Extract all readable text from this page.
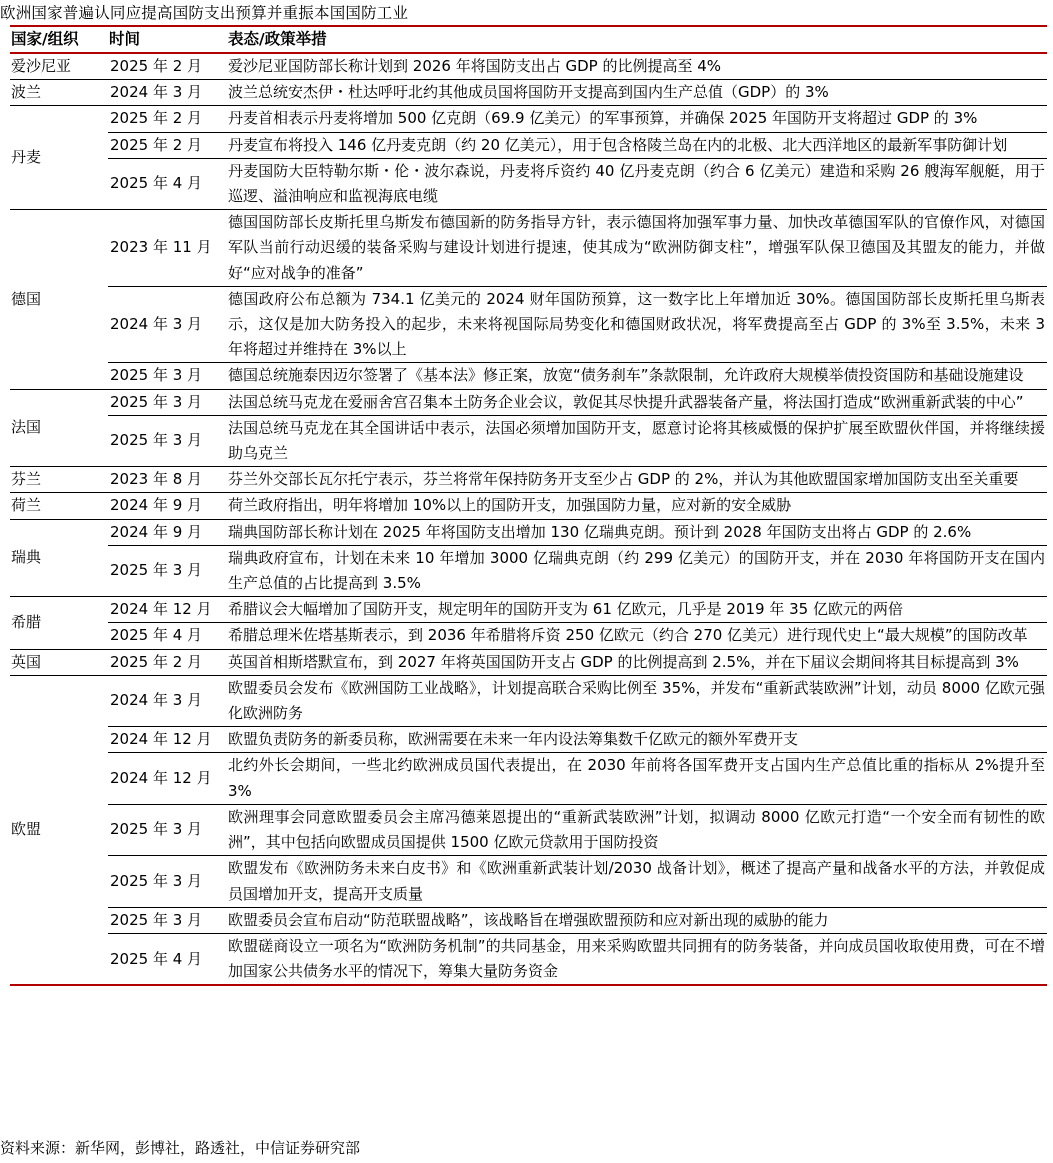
欧洲国家普遍认同应提高国防支出预算并重振本国国防工业
国家/组织	时间	表态/政策举措
爱沙尼亚	2025 年 2 月	爱沙尼亚国防部长称计划到 2026 年将国防支出占 GDP 的比例提高至 4%
波兰	2024 年 3 月	波兰总统安杰伊・杜达呼吁北约其他成员国将国防开支提高到国内生产总值（GDP）的 3%
丹麦	2025 年 2 月	丹麦首相表示丹麦将增加 500 亿克朗（69.9 亿美元）的军事预算，并确保 2025 年国防开支将超过 GDP 的 3%
	2025 年 2 月	丹麦宣布将投入 146 亿丹麦克朗（约 20 亿美元），用于包含格陵兰岛在内的北极、北大西洋地区的最新军事防御计划
	2025 年 4 月	丹麦国防大臣特勒尔斯・伦・波尔森说，丹麦将斥资约 40 亿丹麦克朗（约合 6 亿美元）建造和采购 26 艘海军舰艇，用于巡逻、溢油响应和监视海底电缆
德国	2023 年 11 月	德国国防部长皮斯托里乌斯发布德国新的防务指导方针，表示德国将加强军事力量、加快改革德国军队的官僚作风，对德国军队当前行动迟缓的装备采购与建设计划进行提速，使其成为“欧洲防御支柱”，增强军队保卫德国及其盟友的能力，并做好“应对战争的准备”
	2024 年 3 月	德国政府公布总额为 734.1 亿美元的 2024 财年国防预算，这一数字比上年增加近 30%。德国国防部长皮斯托里乌斯表示，这仅是加大防务投入的起步，未来将视国际局势变化和德国财政状况，将军费提高至占 GDP 的 3%至 3.5%，未来 3 年将超过并维持在 3%以上
	2025 年 3 月	德国总统施泰因迈尔签署了《基本法》修正案，放宽“债务刹车”条款限制，允许政府大规模举债投资国防和基础设施建设
法国	2025 年 3 月	法国总统马克龙在爱丽舍宫召集本土防务企业会议，敦促其尽快提升武器装备产量，将法国打造成“欧洲重新武装的中心”
	2025 年 3 月	法国总统马克龙在其全国讲话中表示，法国必须增加国防开支，愿意讨论将其核威慑的保护扩展至欧盟伙伴国，并将继续援助乌克兰
芬兰	2023 年 8 月	芬兰外交部长瓦尔托宁表示，芬兰将常年保持防务开支至少占 GDP 的 2%，并认为其他欧盟国家增加国防支出至关重要
荷兰	2024 年 9 月	荷兰政府指出，明年将增加 10%以上的国防开支，加强国防力量，应对新的安全威胁
瑞典	2024 年 9 月	瑞典国防部长称计划在 2025 年将国防支出增加 130 亿瑞典克朗。预计到 2028 年国防支出将占 GDP 的 2.6%
	2025 年 3 月	瑞典政府宣布，计划在未来 10 年增加 3000 亿瑞典克朗（约 299 亿美元）的国防开支，并在 2030 年将国防开支在国内生产总值的占比提高到 3.5%
希腊	2024 年 12 月	希腊议会大幅增加了国防开支，规定明年的国防开支为 61 亿欧元，几乎是 2019 年 35 亿欧元的两倍
	2025 年 4 月	希腊总理米佐塔基斯表示，到 2036 年希腊将斥资 250 亿欧元（约合 270 亿美元）进行现代史上“最大规模”的国防改革
英国	2025 年 2 月	英国首相斯塔默宣布，到 2027 年将英国国防开支占 GDP 的比例提高到 2.5%，并在下届议会期间将其目标提高到 3%
欧盟	2024 年 3 月	欧盟委员会发布《欧洲国防工业战略》，计划提高联合采购比例至 35%，并发布“重新武装欧洲”计划，动员 8000 亿欧元强化欧洲防务
	2024 年 12 月	欧盟负责防务的新委员称，欧洲需要在未来一年内设法筹集数千亿欧元的额外军费开支
	2024 年 12 月	北约外长会期间，一些北约欧洲成员国代表提出，在 2030 年前将各国军费开支占国内生产总值比重的指标从 2%提升至 3%
	2025 年 3 月	欧洲理事会同意欧盟委员会主席冯德莱恩提出的“重新武装欧洲”计划，拟调动 8000 亿欧元打造“一个安全而有韧性的欧洲”，其中包括向欧盟成员国提供 1500 亿欧元贷款用于国防投资
	2025 年 3 月	欧盟发布《欧洲防务未来白皮书》和《欧洲重新武装计划/2030 战备计划》，概述了提高产量和战备水平的方法，并敦促成员国增加开支，提高开支质量
	2025 年 3 月	欧盟委员会宣布启动“防范联盟战略”，该战略旨在增强欧盟预防和应对新出现的威胁的能力
	2025 年 4 月	欧盟磋商设立一项名为“欧洲防务机制”的共同基金，用来采购欧盟共同拥有的防务装备，并向成员国收取使用费，可在不增加国家公共债务水平的情况下，筹集大量防务资金
资料来源：新华网，彭博社，路透社，中信证券研究部
